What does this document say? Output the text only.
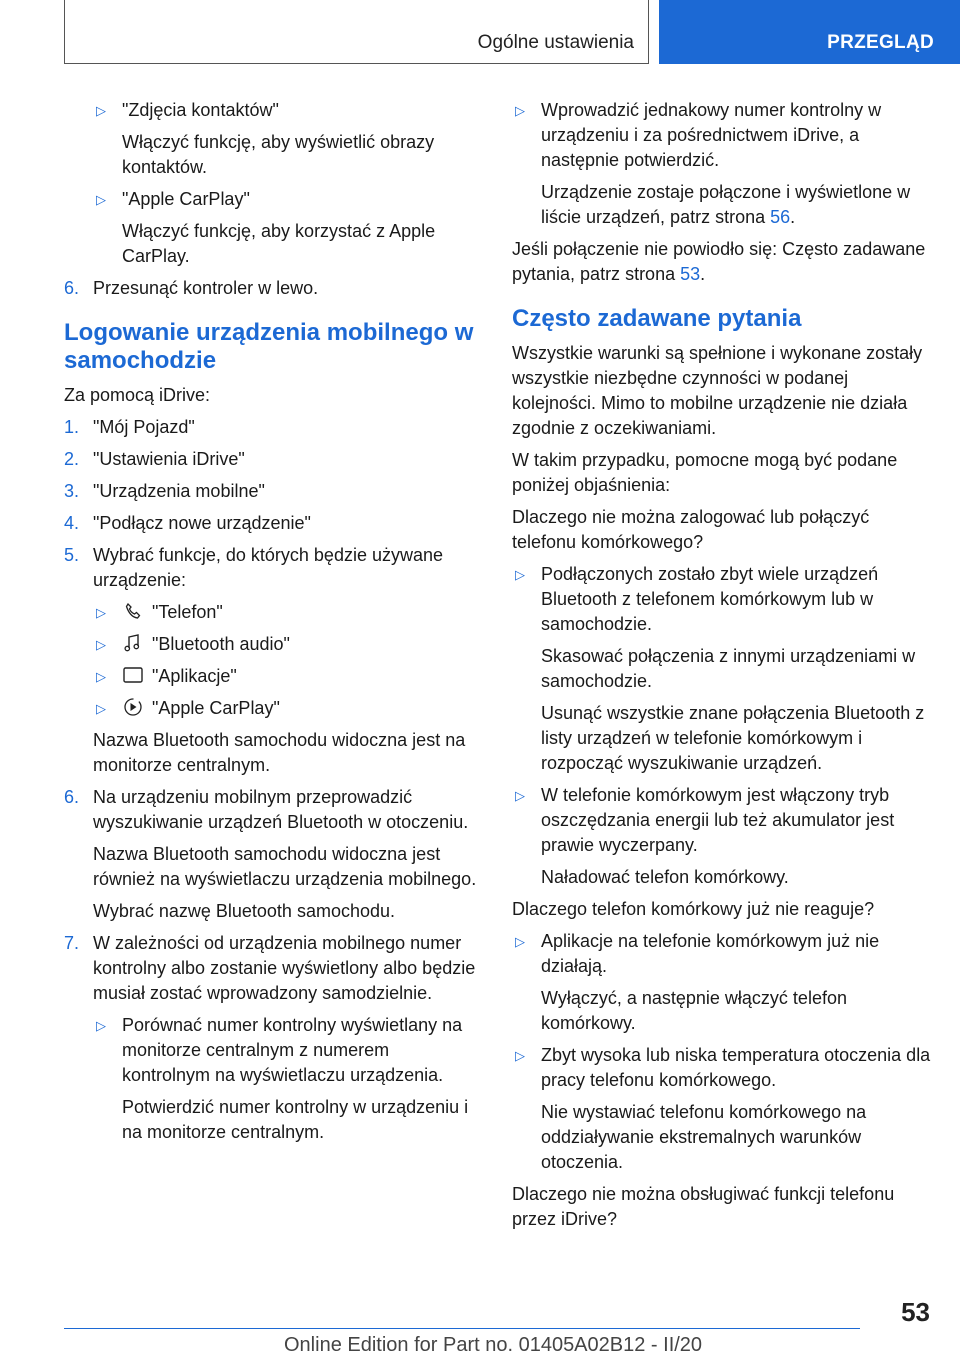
Ogólne ustawienia	PRZEGLĄD
▷ "Zdjęcia kontaktów"
Włączyć funkcję, aby wyświetlić obrazy kontaktów.
▷ "Apple CarPlay"
Włączyć funkcję, aby korzystać z Apple CarPlay.
6. Przesunąć kontroler w lewo.
Logowanie urządzenia mobilnego w samochodzie
Za pomocą iDrive:
1. "Mój Pojazd"
2. "Ustawienia iDrive"
3. "Urządzenia mobilne"
4. "Podłącz nowe urządzenie"
5. Wybrać funkcje, do których będzie używane urządzenie:
▷	"Telefon"
▷	"Bluetooth audio"
▷	"Aplikacje"
▷	"Apple CarPlay"
Nazwa Bluetooth samochodu widoczna jest na monitorze centralnym.
6. Na urządzeniu mobilnym przeprowadzić wyszukiwanie urządzeń Bluetooth w otoczeniu.
Nazwa Bluetooth samochodu widoczna jest również na wyświetlaczu urządzenia mobilnego.
Wybrać nazwę Bluetooth samochodu.
7. W zależności od urządzenia mobilnego numer kontrolny albo zostanie wyświetlony albo będzie musiał zostać wprowadzony samodzielnie.
▷ Porównać numer kontrolny wyświetlany na monitorze centralnym z numerem kontrolnym na wyświetlaczu urządzenia.
Potwierdzić numer kontrolny w urządzeniu i na monitorze centralnym.
▷ Wprowadzić jednakowy numer kontrolny w urządzeniu i za pośrednictwem iDrive, a następnie potwierdzić.
Urządzenie zostaje połączone i wyświetlone w liście urządzeń, patrz strona 56.
Jeśli połączenie nie powiodło się: Często zadawane pytania, patrz strona 53.
Często zadawane pytania
Wszystkie warunki są spełnione i wykonane zostały wszystkie niezbędne czynności w podanej kolejności. Mimo to mobilne urządzenie nie działa zgodnie z oczekiwaniami.
W takim przypadku, pomocne mogą być podane poniżej objaśnienia:
Dlaczego nie można zalogować lub połączyć telefonu komórkowego?
▷ Podłączonych zostało zbyt wiele urządzeń Bluetooth z telefonem komórkowym lub w samochodzie.
Skasować połączenia z innymi urządzeniami w samochodzie.
Usunąć wszystkie znane połączenia Bluetooth z listy urządzeń w telefonie komórkowym i rozpocząć wyszukiwanie urządzeń.
▷ W telefonie komórkowym jest włączony tryb oszczędzania energii lub też akumulator jest prawie wyczerpany.
Naładować telefon komórkowy.
Dlaczego telefon komórkowy już nie reaguje?
▷ Aplikacje na telefonie komórkowym już nie działają.
Wyłączyć, a następnie włączyć telefon komórkowy.
▷ Zbyt wysoka lub niska temperatura otoczenia dla pracy telefonu komórkowego.
Nie wystawiać telefonu komórkowego na oddziaływanie ekstremalnych warunków otoczenia.
Dlaczego nie można obsługiwać funkcji telefonu przez iDrive?
53
Online Edition for Part no. 01405A02B12 - II/20
